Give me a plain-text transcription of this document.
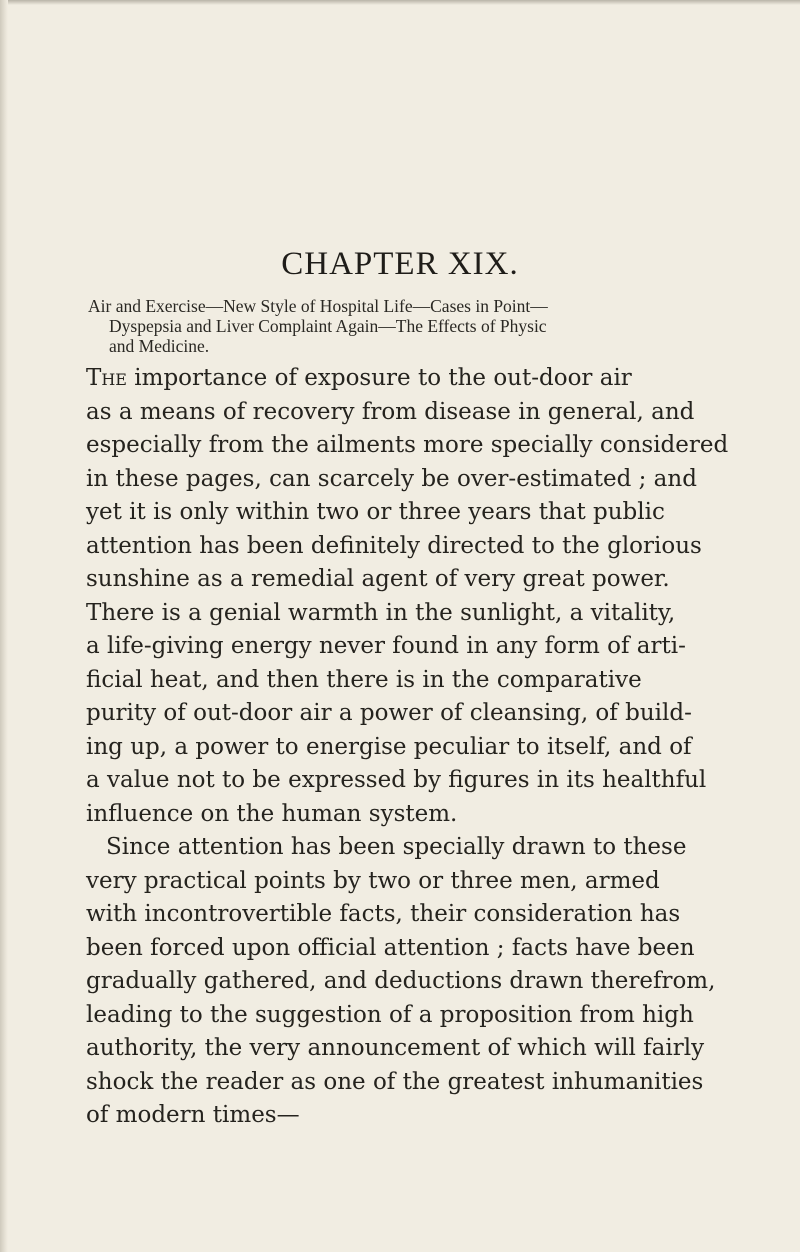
CHAPTER XIX.
Air and Exercise—New Style of Hospital Life—Cases in Point—
Dyspepsia and Liver Complaint Again—The Effects of Physic
and Medicine.
The importance of exposure to the out-door air
as a means of recovery from disease in general, and
especially from the ailments more specially considered
in these pages, can scarcely be over-estimated ; and
yet it is only within two or three years that public
attention has been definitely directed to the glorious
sunshine as a remedial agent of very great power.
There is a genial warmth in the sunlight, a vitality,
a life-giving energy never found in any form of arti-
ficial heat, and then there is in the comparative
purity of out-door air a power of cleansing, of build-
ing up, a power to energise peculiar to itself, and of
a value not to be expressed by figures in its healthful
influence on the human system.
Since attention has been specially drawn to these
very practical points by two or three men, armed
with incontrovertible facts, their consideration has
been forced upon official attention ; facts have been
gradually gathered, and deductions drawn therefrom,
leading to the suggestion of a proposition from high
authority, the very announcement of which will fairly
shock the reader as one of the greatest inhumanities
of modern times—
